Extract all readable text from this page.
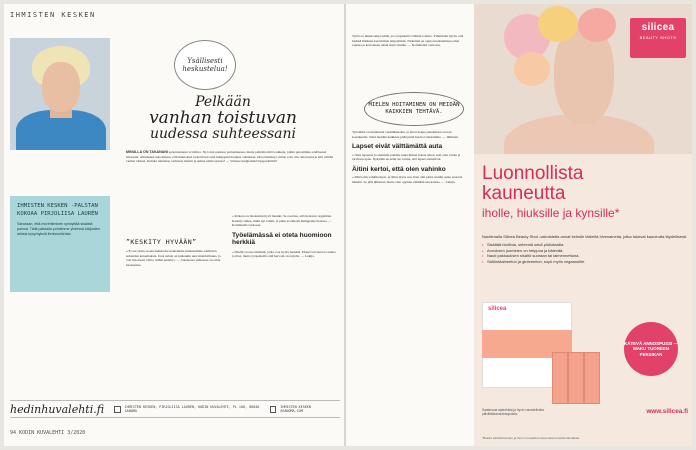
IHMISTEN KESKEN
Ysällisesti heskustelua!
Pelkään
vanhan toistuvan
uudessa suhteessani
MINULLA ON TAKANANI epäonnistunut avioliitto. Nyt olen uudessa parisuhteessa, mutta pelkään niitä loukkuja, joihin putosimme edellisessä liitossani. Alituiseksi uskotteleen, että muutokset tarkoittavat ettei kumppani huomaa ollenkaan. Olen miettinyt, miten voin olla oma itseni ja silti välttää vanhat virheet. Kuinka tunnistaa varhaiset merkit ja puhua niistä ajoissa? — Vaiseue kergiteisikö hyppuohtimi?
IHMISTEN KESKEN -PALSTAN KOKOAA PIRJOLIISA LAURÉN
Sanotaan, että murehtiminen synnyttää sisäistä painoa. Tällä palstalla pohdimme yhdessä lukijoiden arkisia kysymyksiä ihmissuhteista.
”KESKITY HYVÄÄN”

» Et ole yksin, koska kaikki me kannamme mukanamme edellisten suhteiden kokemuksia. Uusi suhde on kuitenkin uusi mahdollisuus, ja voit tietoisesti valita, mihin keskityt. — Jokaisessa suhteessa on omat haasteensa.

» Pelkosi on mielestäni hyvä merkki. Se osoittaa, että tiedostat ongelman. Keskity siihen, mikä nyt toimii, ja puhu avoimesti kumppanisi kanssa. — Kommentti verkossa.

Työelämässä ei oteta huomioon herkkiä

» Miellä on usea ihmisiä, jotka ovat hyvin herkkiä. Monet tarvitsevat rauhaa ja tilaa, mutta työpaikoilla sitä harvoin on tarjolla. — Lukija.

hedinhuvalehti.fi	IHMISTEN KESKEN, PIRJOLIISA LAURÉN, KODIN KUVALEHTI, PL 100, 00040 SANOMA
IHMISTEN KESKEN @SANOMA.COM
94 KODIN KUVALEHTI 3/2020

Työtä on mukavampi tehdä, jos työpaikalla välittää toisista. Ymmärrän hyvin, että herkkä ihminen kuormittuu helpommin. Tärkeintä on oppia tunnistamaan omat rajansa ja kertomaan niistä myös muille. — Kommentti verkossa.

MIELEN HOITAMINEN ON MEIDÄN KAIKKIEN TEHTÄVÄ.

Työelämä on muuttunut vauhdikkaaksi, ja moni kokee jaksamisen olevan koetuksella. Siksi meidän kaikkien pitää pitää huolta toisistamme. — Ihminen.

Lapset eivät välttämättä auta

» Olen lapseton ja aiemmin pohdin, kuka minua hoitaa sitten, kun olen vanha ja tarvitsen apua. Nykyään en enää ole varma, että lapset auttaisivat.

Äitini kertoi, että olen vahinko

» Minä olin vahinkolapsi, ja äitini myös sen. Kun olin pieni, kuulin asian suoraan häneltä. Se jätti jälkensä, mutta olen oppinut elämään sen kanssa. — Lukija.

silicea
BEAUTY SHOTS
Luonnollista
kauneutta
iholle, hiuksille ja kynsille*
Nauttimalla Silicea Beauty Shot -valmistetta annat keholle tärkeitä hivenaineita, jotka tukevat kauneutta täydellisesti.
• Sisältää biotiinia, seleeniä sekä piidioksidia.
• Annoksen juominen on helppoa ja kätevää.
• Nauti pakkauksen sisältö suoraan tai laimennettuna.
• Säilöntäaineeton ja gluteeniton, sopii myös vegaaneille.
silicea
KÄTEVÄ ANNOSPUSSI — MAKU TUOREEN PERSIKAN
Saatavana apteekista ja hyvin varustelluista päivittäistavarakaupoista.	www.silicea.fi
*Biotiini edistää hiusten ja ihon normaalia kuntoa sekä tervettä ulkonäköä.
